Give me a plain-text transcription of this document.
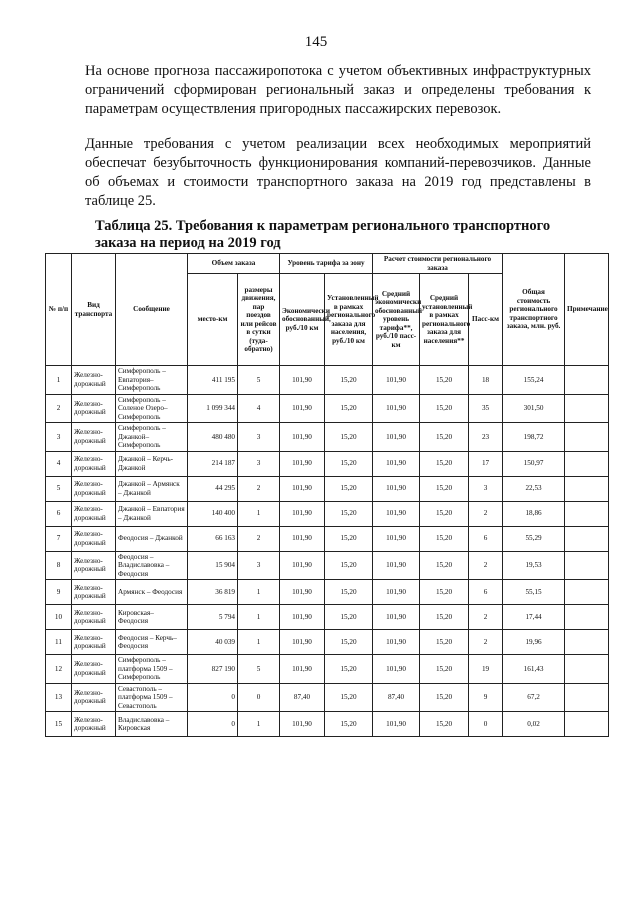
145

На основе прогноза пассажиропотока с учетом объективных инфраструктурных ограничений сформирован региональный заказ и определены требования к параметрам осуществления пригородных пассажирских перевозок.

Данные требования с учетом реализации всех необходимых мероприятий обеспечат безубыточность функционирования компаний-перевозчиков. Данные об объемах и стоимости транспортного заказа на 2019 год представлены в таблице 25.

Таблица 25. Требования к параметрам регионального транспортного заказа на период на 2019 год

№ п/п	Вид транспорта	Сообщение	Объем заказа		Уровень тарифа за зону		Расчет стоимости регионального заказа			Общая стоимость регионального транспортного заказа, млн. руб.	Примечание
			место-км	размеры движения, пар поездов или рейсов в сутки (туда-обратно)	Экономически обоснованный, руб./10 км	Установленный в рамках регионального заказа для населения, руб./10 км	Средний экономически обоснованный уровень тарифа**, руб./10 пасс-км	Средний установленный в рамках регионального заказа для населения**	Пасс-км		
1	Железно-дорожный	Симферополь – Евпатория– Симферополь	411 195	5	101,90	15,20	101,90	15,20	18	155,24	
2	Железно-дорожный	Симферополь – Соленое Озеро– Симферополь	1 099 344	4	101,90	15,20	101,90	15,20	35	301,50	
3	Железно-дорожный	Симферополь – Джанкой– Симферополь	480 480	3	101,90	15,20	101,90	15,20	23	198,72	
4	Железно-дорожный	Джанкой – Керчь- Джанкой	214 187	3	101,90	15,20	101,90	15,20	17	150,97	
5	Железно-дорожный	Джанкой – Армянск – Джанкой	44 295	2	101,90	15,20	101,90	15,20	3	22,53	
6	Железно-дорожный	Джанкой – Евпатория – Джанкой	140 400	1	101,90	15,20	101,90	15,20	2	18,86	
7	Железно-дорожный	Феодосия – Джанкой	66 163	2	101,90	15,20	101,90	15,20	6	55,29	
8	Железно-дорожный	Феодосия – Владиславовка – Феодосия	15 904	3	101,90	15,20	101,90	15,20	2	19,53	
9	Железно-дорожный	Армянск – Феодосия	36 819	1	101,90	15,20	101,90	15,20	6	55,15	
10	Железно-дорожный	Кировская– Феодосия	5 794	1	101,90	15,20	101,90	15,20	2	17,44	
11	Железно-дорожный	Феодосия – Керчь– Феодосия	40 039	1	101,90	15,20	101,90	15,20	2	19,96	
12	Железно-дорожный	Симферополь – платформа 1509 – Симферополь	827 190	5	101,90	15,20	101,90	15,20	19	161,43	
13	Железно-дорожный	Севастополь – платформа 1509 – Севастополь	0	0	87,40	15,20	87,40	15,20	9	67,2	
15	Железно-дорожный	Владиславовка – Кировская	0	1	101,90	15,20	101,90	15,20	0	0,02	
